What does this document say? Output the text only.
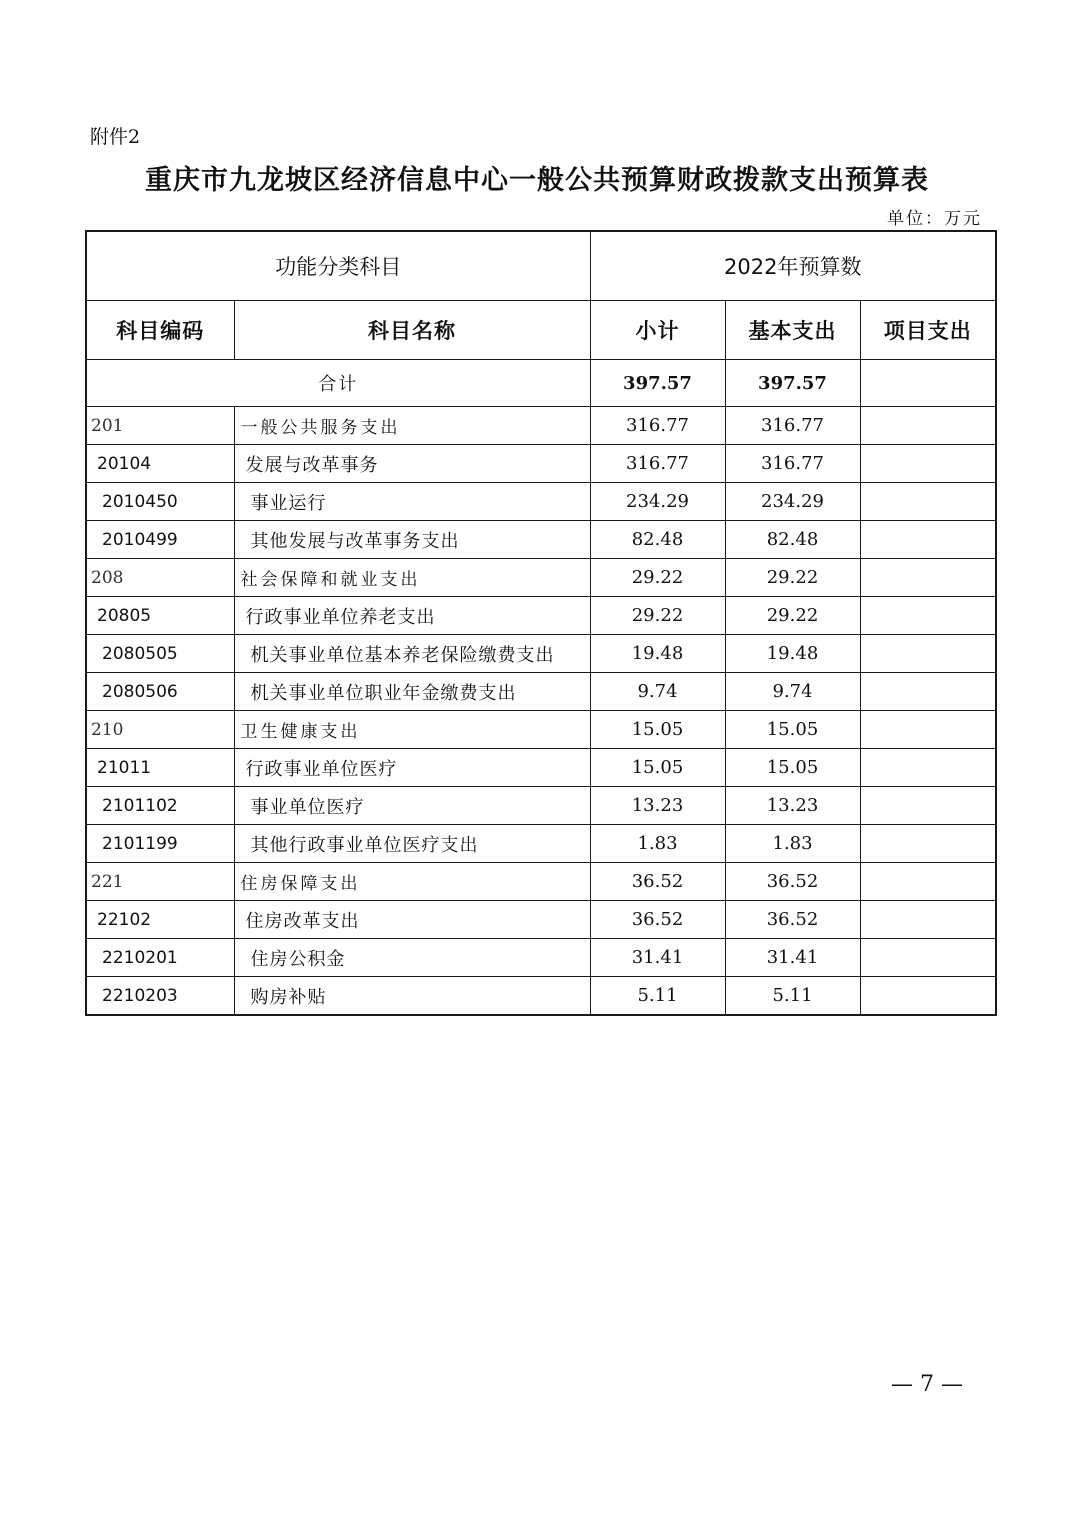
附件2
重庆市九龙坡区经济信息中心一般公共预算财政拨款支出预算表
单位：万元
功能分类科目		2022年预算数		
科目编码	科目名称	小计	基本支出	项目支出
合计		397.57	397.57	
201	一般公共服务支出	316.77	316.77	
20104	发展与改革事务	316.77	316.77	
2010450	事业运行	234.29	234.29	
2010499	其他发展与改革事务支出	82.48	82.48	
208	社会保障和就业支出	29.22	29.22	
20805	行政事业单位养老支出	29.22	29.22	
2080505	机关事业单位基本养老保险缴费支出	19.48	19.48	
2080506	机关事业单位职业年金缴费支出	9.74	9.74	
210	卫生健康支出	15.05	15.05	
21011	行政事业单位医疗	15.05	15.05	
2101102	事业单位医疗	13.23	13.23	
2101199	其他行政事业单位医疗支出	1.83	1.83	
221	住房保障支出	36.52	36.52	
22102	住房改革支出	36.52	36.52	
2210201	住房公积金	31.41	31.41	
2210203	购房补贴	5.11	5.11	
— 7 —
